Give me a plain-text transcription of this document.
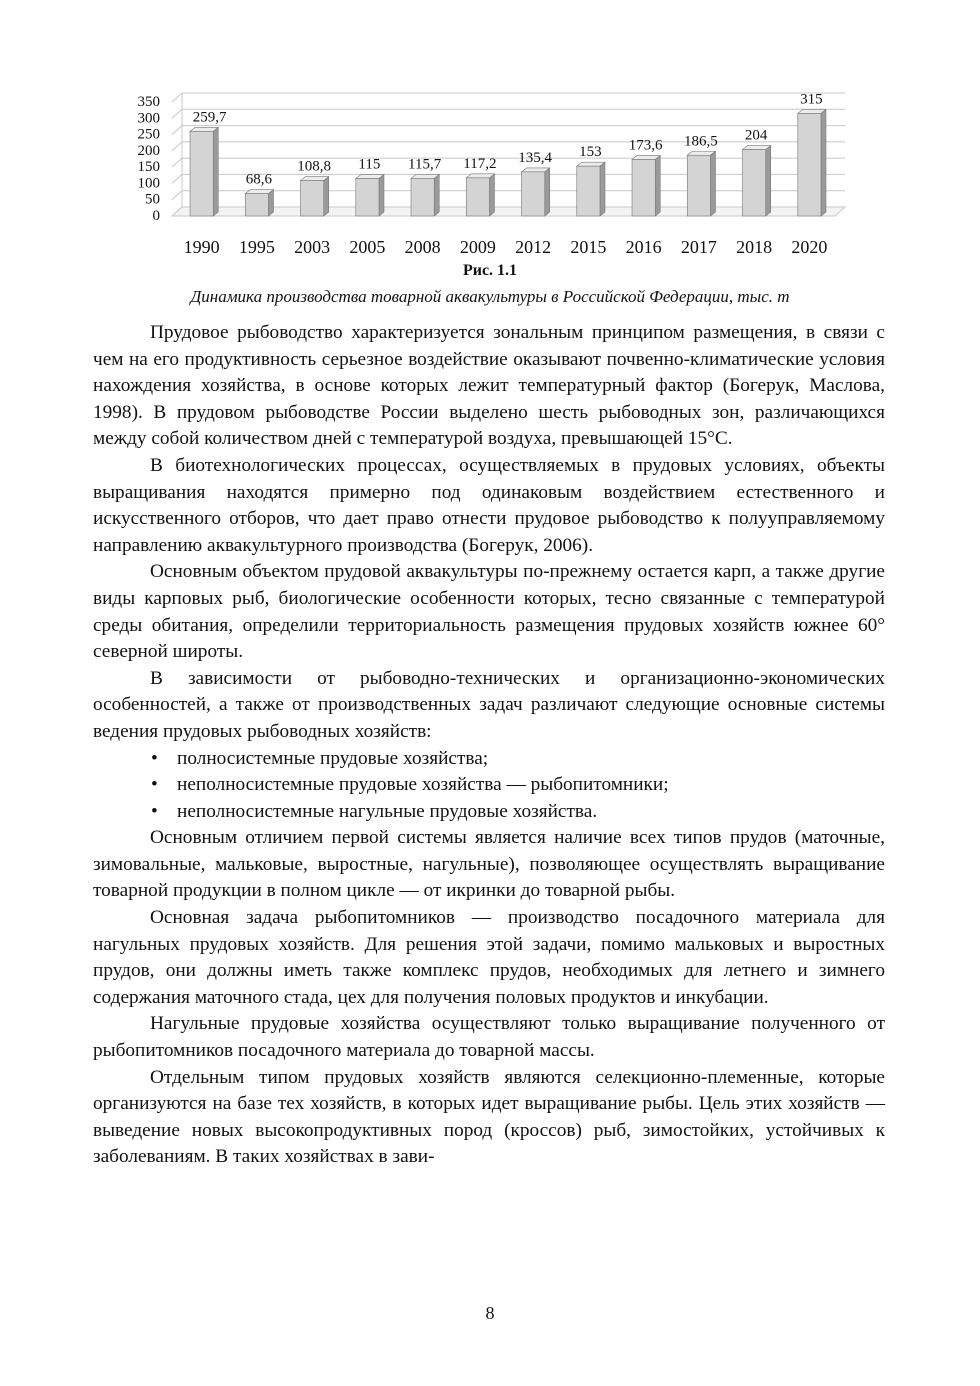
0
50
100
150
200
250
300
350
259,7
1990
68,6
1995
108,8
2003
115
2005
115,7
2008
117,2
2009
135,4
2012
153
2015
173,6
2016
186,5
2017
204
2018
315
2020
Рис. 1.1
Динамика производства товарной аквакультуры в Российской Федерации, тыс. т

Прудовое рыбоводство характеризуется зональным принципом размещения, в связи с чем на его продуктивность серьезное воздействие оказывают почвенно-климатические условия нахождения хозяйства, в основе которых лежит температурный фактор (Богерук, Маслова, 1998). В прудовом рыбоводстве России выделено шесть рыбоводных зон, различающихся между собой количеством дней с температурой воздуха, превышающей 15°С.

В биотехнологических процессах, осуществляемых в прудовых условиях, объекты выращивания находятся примерно под одинаковым воздействием естественного и искусственного отборов, что дает право отнести прудовое рыбоводство к полууправляемому направлению аквакультурного производства (Богерук, 2006).

Основным объектом прудовой аквакультуры по-прежнему остается карп, а также другие виды карповых рыб, биологические особенности которых, тесно связанные с температурой среды обитания, определили территориальность размещения прудовых хозяйств южнее 60° северной широты.

В зависимости от рыбоводно-технических и организационно-экономических особенностей, а также от производственных задач различают следующие основные системы ведения прудовых рыбоводных хозяйств:

• полносистемные прудовые хозяйства;
• неполносистемные прудовые хозяйства — рыбопитомники;
• неполносистемные нагульные прудовые хозяйства.

Основным отличием первой системы является наличие всех типов прудов (маточные, зимовальные, мальковые, выростные, нагульные), позволяющее осуществлять выращивание товарной продукции в полном цикле — от икринки до товарной рыбы.

Основная задача рыбопитомников — производство посадочного материала для нагульных прудовых хозяйств. Для решения этой задачи, помимо мальковых и выростных прудов, они должны иметь также комплекс прудов, необходимых для летнего и зимнего содержания маточного стада, цех для получения половых продуктов и инкубации.

Нагульные прудовые хозяйства осуществляют только выращивание полученного от рыбопитомников посадочного материала до товарной массы.

Отдельным типом прудовых хозяйств являются селекционно-племенные, которые организуются на базе тех хозяйств, в которых идет выращивание рыбы. Цель этих хозяйств — выведение новых высокопродуктивных пород (кроссов) рыб, зимостойких, устойчивых к заболеваниям. В таких хозяйствах в зави-

8
